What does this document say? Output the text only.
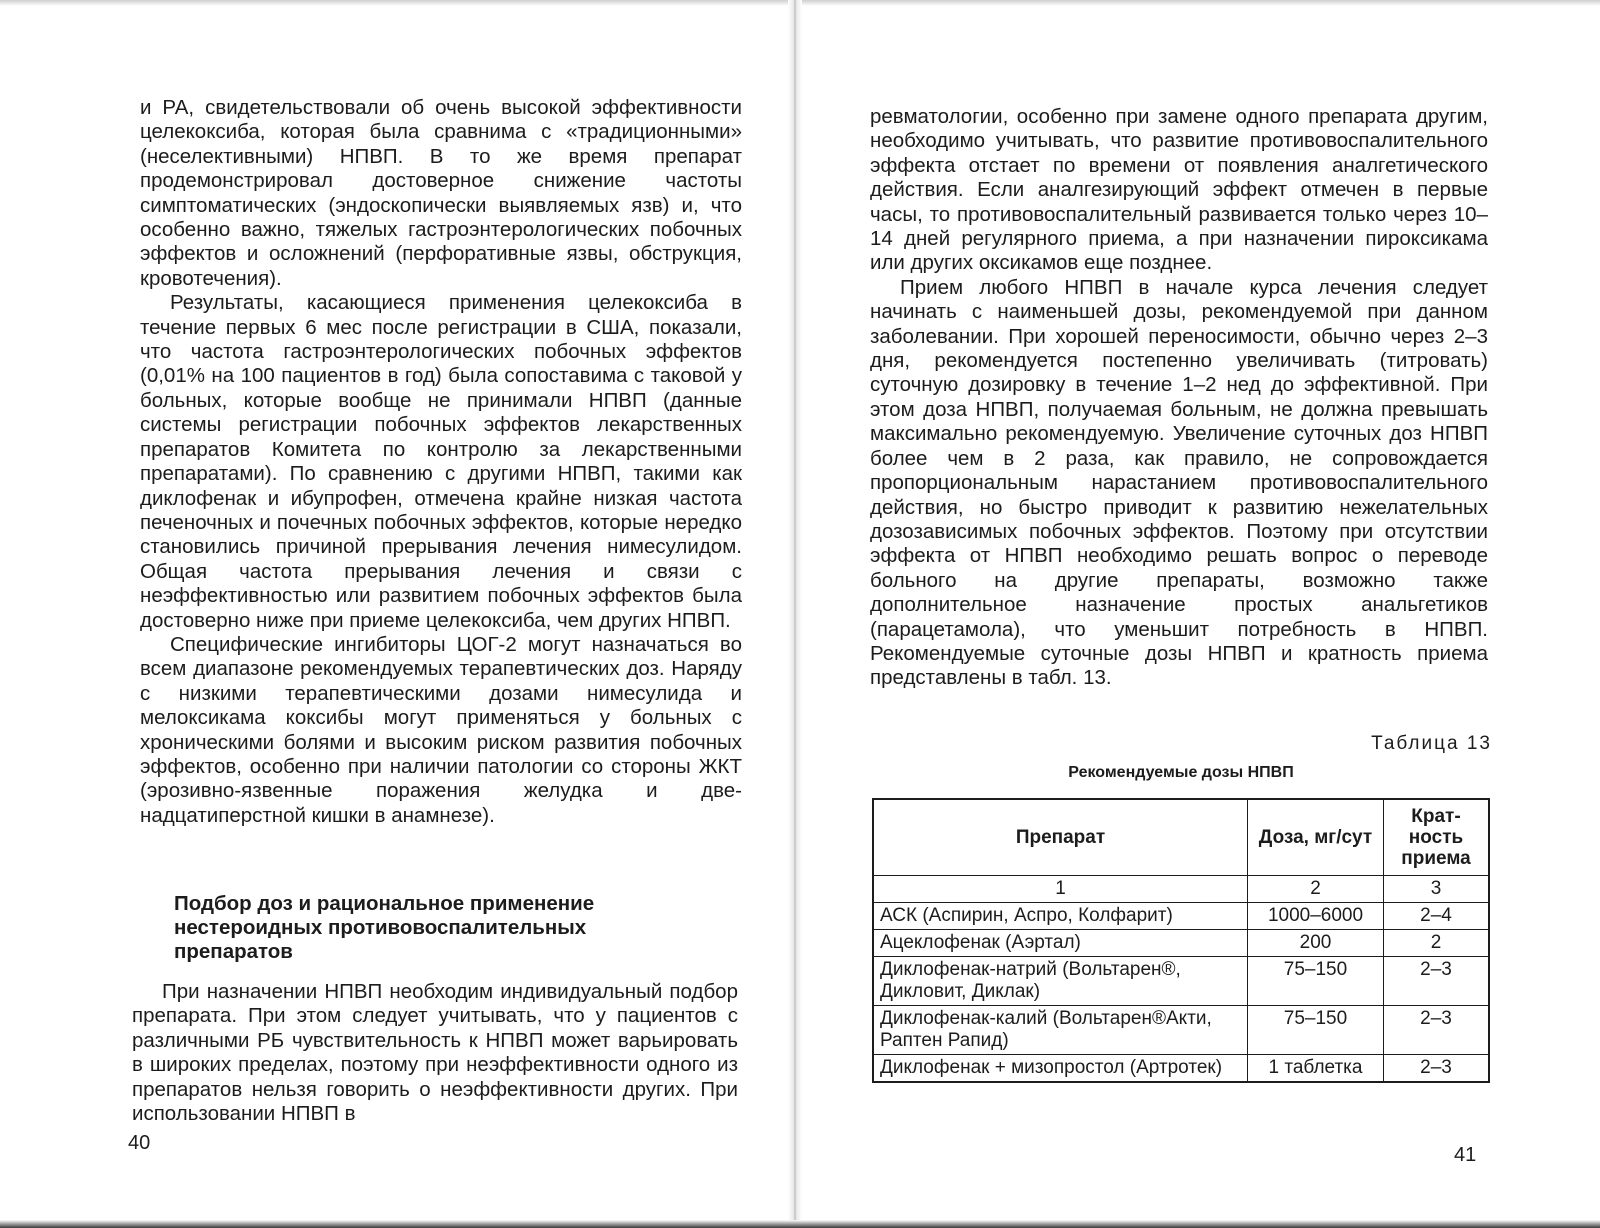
и РА, свидетельствовали об очень высокой эффективности целекоксиба, которая была сравнима с «традиционными» (неселективными) НПВП. В то же время препарат продемонстрировал достоверное снижение частоты симптоматических (эндоскопически выявляемых язв) и, что особенно важно, тяжелых гастроэнтерологических побочных эффектов и осложнений (перфоративные язвы, обструкция, кровотечения).

Результаты, касающиеся применения целекоксиба в течение первых 6 мес после регистрации в США, показали, что частота гастроэнтерологических побочных эффектов (0,01% на 100 пациентов в год) была сопоставима с таковой у больных, которые вообще не принимали НПВП (данные системы регистрации побочных эффектов лекарственных препаратов Комитета по контролю за лекарственными препаратами). По сравнению с другими НПВП, такими как диклофенак и ибупрофен, отмечена крайне низкая частота печеночных и почечных побочных эффектов, которые нередко становились причиной прерывания лечения нимесулидом. Общая частота прерывания лечения и связи с неэффективностью или развитием побочных эффектов была достоверно ниже при приеме целекоксиба, чем других НПВП.

Специфические ингибиторы ЦОГ-2 могут назначаться во всем диапазоне рекомендуемых терапевтических доз. Наряду с низкими терапевтическими дозами нимесулида и мелоксикама коксибы могут применяться у больных с хроническими болями и высоким риском развития побочных эффектов, особенно при наличии патологии со стороны ЖКТ (эрозивно-язвенные поражения желудка и двенадцатиперстной кишки в анамнезе).

Подбор доз и рациональное применение нестероидных противовоспалительных препаратов

При назначении НПВП необходим индивидуальный подбор препарата. При этом следует учитывать, что у пациентов с различными РБ чувствительность к НПВП может варьировать в широких пределах, поэтому при неэффективности одного из препаратов нельзя говорить о неэффективности других. При использовании НПВП в

40

ревматологии, особенно при замене одного препарата другим, необходимо учитывать, что развитие противовоспалительного эффекта отстает по времени от появления аналгетического действия. Если аналгезирующий эффект отмечен в первые часы, то противовоспалительный развивается только через 10–14 дней регулярного приема, а при назначении пироксикама или других оксикамов еще позднее.

Прием любого НПВП в начале курса лечения следует начинать с наименьшей дозы, рекомендуемой при данном заболевании. При хорошей переносимости, обычно через 2–3 дня, рекомендуется постепенно увеличивать (титровать) суточную дозировку в течение 1–2 нед до эффективной. При этом доза НПВП, получаемая больным, не должна превышать максимально рекомендуемую. Увеличение суточных доз НПВП более чем в 2 раза, как правило, не сопровождается пропорциональным нарастанием противовоспалительного действия, но быстро приводит к развитию нежелательных дозозависимых побочных эффектов. Поэтому при отсутствии эффекта от НПВП необходимо решать вопрос о переводе больного на другие препараты, возможно также дополнительное назначение простых анальгетиков (парацетамола), что уменьшит потребность в НПВП. Рекомендуемые суточные дозы НПВП и кратность приема представлены в табл. 13.

Таблица 13
Рекомендуемые дозы НПВП
Препарат	Доза, мг/сут	Кратность приема
1	2	3
АСК (Аспирин, Аспро, Колфарит)	1000–6000	2–4
Ацеклофенак (Аэртал)	200	2
Диклофенак-натрий (Вольтарен®, Дикловит, Диклак)	75–150	2–3
Диклофенак-калий (Вольтарен®Акти, Раптен Рапид)	75–150	2–3
Диклофенак + мизопростол (Артротек)	1 таблетка	2–3
41
